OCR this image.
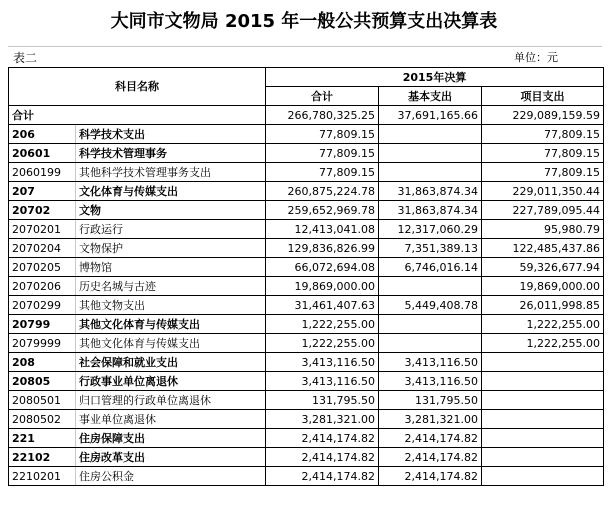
大同市文物局 2015 年一般公共预算支出决算表
表二	单位：元
科目名称		2015年决算		
		合计	基本支出	项目支出
合计		266,780,325.25	37,691,165.66	229,089,159.59
206	科学技术支出	77,809.15		77,809.15
20601	科学技术管理事务	77,809.15		77,809.15
2060199	其他科学技术管理事务支出	77,809.15		77,809.15
207	文化体育与传媒支出	260,875,224.78	31,863,874.34	229,011,350.44
20702	文物	259,652,969.78	31,863,874.34	227,789,095.44
2070201	行政运行	12,413,041.08	12,317,060.29	95,980.79
2070204	文物保护	129,836,826.99	7,351,389.13	122,485,437.86
2070205	博物馆	66,072,694.08	6,746,016.14	59,326,677.94
2070206	历史名城与古迹	19,869,000.00		19,869,000.00
2070299	其他文物支出	31,461,407.63	5,449,408.78	26,011,998.85
20799	其他文化体育与传媒支出	1,222,255.00		1,222,255.00
2079999	其他文化体育与传媒支出	1,222,255.00		1,222,255.00
208	社会保障和就业支出	3,413,116.50	3,413,116.50	
20805	行政事业单位离退休	3,413,116.50	3,413,116.50	
2080501	归口管理的行政单位离退休	131,795.50	131,795.50	
2080502	事业单位离退休	3,281,321.00	3,281,321.00	
221	住房保障支出	2,414,174.82	2,414,174.82	
22102	住房改革支出	2,414,174.82	2,414,174.82	
2210201	住房公积金	2,414,174.82	2,414,174.82	
